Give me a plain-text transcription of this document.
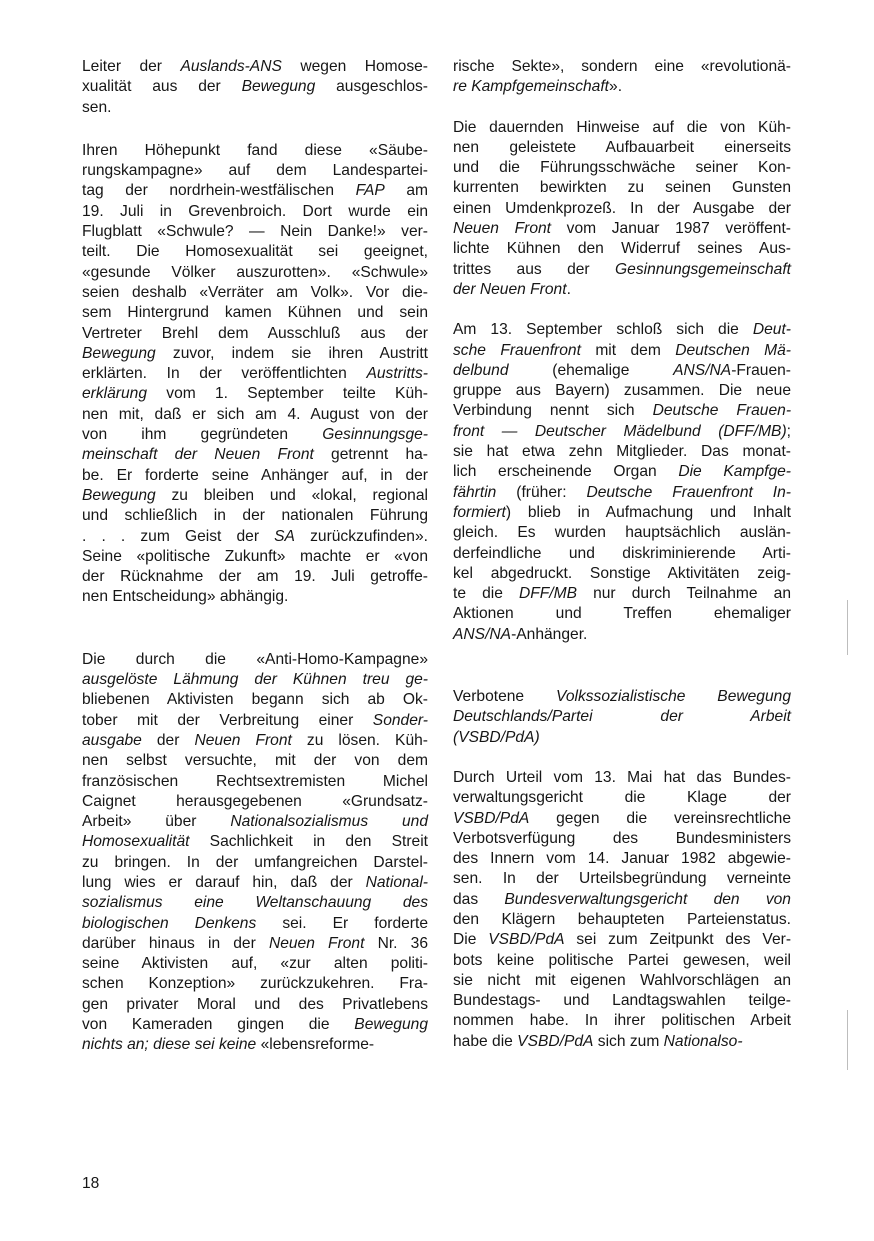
Leiter der Auslands-ANS wegen Homose-
xualität aus der Bewegung ausgeschlos-
sen.
Ihren Höhepunkt fand diese «Säube-
rungskampagne» auf dem Landespartei-
tag der nordrhein-westfälischen FAP am
19. Juli in Grevenbroich. Dort wurde ein
Flugblatt «Schwule? — Nein Danke!» ver-
teilt. Die Homosexualität sei geeignet,
«gesunde Völker auszurotten». «Schwule»
seien deshalb «Verräter am Volk». Vor die-
sem Hintergrund kamen Kühnen und sein
Vertreter Brehl dem Ausschluß aus der
Bewegung zuvor, indem sie ihren Austritt
erklärten. In der veröffentlichten Austritts-
erklärung vom 1. September teilte Küh-
nen mit, daß er sich am 4. August von der
von ihm gegründeten Gesinnungsge-
meinschaft der Neuen Front getrennt ha-
be. Er forderte seine Anhänger auf, in der
Bewegung zu bleiben und «lokal, regional
und schließlich in der nationalen Führung
. . . zum Geist der SA zurückzufinden».
Seine «politische Zukunft» machte er «von
der Rücknahme der am 19. Juli getroffe-
nen Entscheidung» abhängig.
Die durch die «Anti-Homo-Kampagne»
ausgelöste Lähmung der Kühnen treu ge-
bliebenen Aktivisten begann sich ab Ok-
tober mit der Verbreitung einer Sonder-
ausgabe der Neuen Front zu lösen. Küh-
nen selbst versuchte, mit der von dem
französischen Rechtsextremisten Michel
Caignet herausgegebenen «Grundsatz-
Arbeit» über Nationalsozialismus und
Homosexualität Sachlichkeit in den Streit
zu bringen. In der umfangreichen Darstel-
lung wies er darauf hin, daß der National-
sozialismus eine Weltanschauung des
biologischen Denkens sei. Er forderte
darüber hinaus in der Neuen Front Nr. 36
seine Aktivisten auf, «zur alten politi-
schen Konzeption» zurückzukehren. Fra-
gen privater Moral und des Privatlebens
von Kameraden gingen die Bewegung
nichts an; diese sei keine «lebensreforme-
rische Sekte», sondern eine «revolutionä-
re Kampfgemeinschaft».
Die dauernden Hinweise auf die von Küh-
nen geleistete Aufbauarbeit einerseits
und die Führungsschwäche seiner Kon-
kurrenten bewirkten zu seinen Gunsten
einen Umdenkprozeß. In der Ausgabe der
Neuen Front vom Januar 1987 veröffent-
lichte Kühnen den Widerruf seines Aus-
trittes aus der Gesinnungsgemeinschaft
der Neuen Front.
Am 13. September schloß sich die Deut-
sche Frauenfront mit dem Deutschen Mä-
delbund (ehemalige ANS/NA-Frauen-
gruppe aus Bayern) zusammen. Die neue
Verbindung nennt sich Deutsche Frauen-
front — Deutscher Mädelbund (DFF/MB);
sie hat etwa zehn Mitglieder. Das monat-
lich erscheinende Organ Die Kampfge-
fährtin (früher: Deutsche Frauenfront In-
formiert) blieb in Aufmachung und Inhalt
gleich. Es wurden hauptsächlich auslän-
derfeindliche und diskriminierende Arti-
kel abgedruckt. Sonstige Aktivitäten zeig-
te die DFF/MB nur durch Teilnahme an
Aktionen und Treffen ehemaliger
ANS/NA-Anhänger.
Verbotene Volkssozialistische Bewegung
Deutschlands/Partei der Arbeit
(VSBD/PdA)
Durch Urteil vom 13. Mai hat das Bundes-
verwaltungsgericht die Klage der
VSBD/PdA gegen die vereinsrechtliche
Verbotsverfügung des Bundesministers
des Innern vom 14. Januar 1982 abgewie-
sen. In der Urteilsbegründung verneinte
das Bundesverwaltungsgericht den von
den Klägern behaupteten Parteienstatus.
Die VSBD/PdA sei zum Zeitpunkt des Ver-
bots keine politische Partei gewesen, weil
sie nicht mit eigenen Wahlvorschlägen an
Bundestags- und Landtagswahlen teilge-
nommen habe. In ihrer politischen Arbeit
habe die VSBD/PdA sich zum Nationalso-
18
